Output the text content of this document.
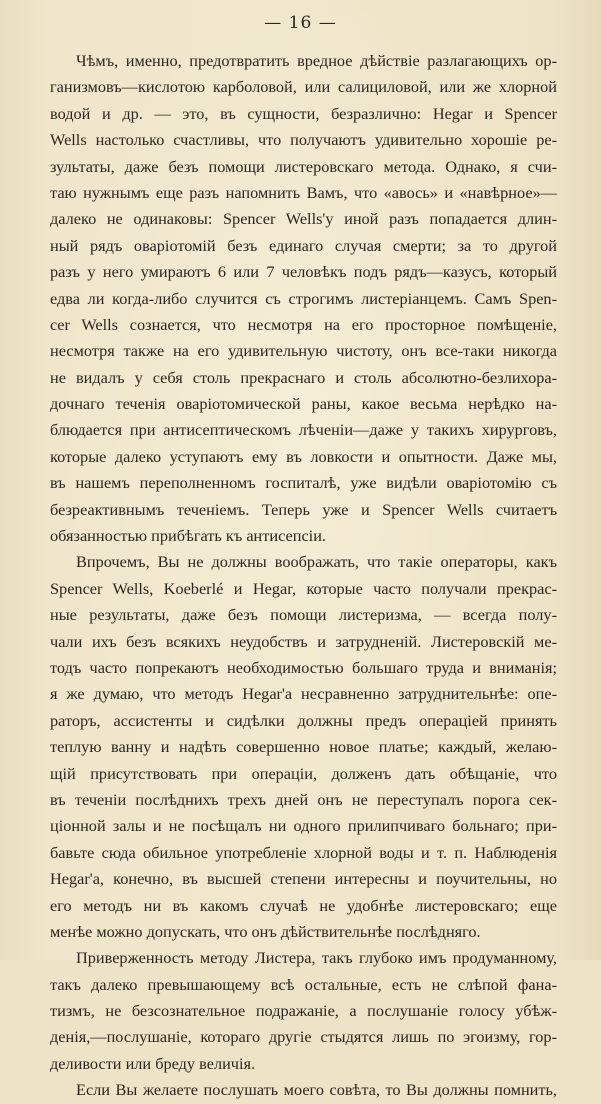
— 16 —
Чѣмъ, именно, предотвратить вредное дѣйствiе разлагающихъ ор-
ганизмовъ—кислотою карболовой, или салициловой, или же хлорной
водой и др. — это, въ сущности, безразлично: Hegar и Spencer
Wells настолько счастливы, что получаютъ удивительно хорошiе ре-
зультаты, даже безъ помощи листеровскаго метода. Однако, я счи-
таю нужнымъ еще разъ напомнить Вамъ, что «авось» и «навѣрное»—
далеко не одинаковы: Spencer Wells'у иной разъ попадается длин-
ный рядъ оварiотомiй безъ единаго случая смерти; за то другой
разъ у него умираютъ 6 или 7 человѣкъ подъ рядъ—казусъ, который
едва ли когда-либо случится съ строгимъ листерiанцемъ. Самъ Spen-
cer Wells сознается, что несмотря на его просторное помѣщенiе,
несмотря также на его удивительную чистоту, онъ все-таки никогда
не видалъ у себя столь прекраснаго и столь абсолютно-безлихора-
дочнаго теченiя оварiотомической раны, какое весьма нерѣдко на-
блюдается при антисептическомъ лѣченiи—даже у такихъ хирурговъ,
которые далеко уступаютъ ему въ ловкости и опытности. Даже мы,
въ нашемъ переполненномъ госпиталѣ, уже видѣли оварiотомiю съ
безреактивнымъ теченiемъ. Теперь уже и Spencer Wells считаетъ
обязанностью прибѣгать къ антисепсiи.
Впрочемъ, Вы не должны воображать, что такiе операторы, какъ
Spencer Wells, Koeberlé и Hegar, которые часто получали прекрас-
ные результаты, даже безъ помощи листеризма, — всегда полу-
чали ихъ безъ всякихъ неудобствъ и затрудненiй. Листеровскiй ме-
тодъ часто попрекаютъ необходимостью большаго труда и вниманiя;
я же думаю, что методъ Hegar'а несравненно затруднительнѣе: опе-
раторъ, ассистенты и сидѣлки должны предъ операцiей принять
теплую ванну и надѣть совершенно новое платье; каждый, желаю-
щiй присутствовать при операцiи, долженъ дать обѣщанiе, что
въ теченiи послѣднихъ трехъ дней онъ не переступалъ порога сек-
цiонной залы и не посѣщалъ ни одного прилипчиваго больнаго; при-
бавьте сюда обильное употребленiе хлорной воды и т. п. Наблюденiя
Hegar'а, конечно, въ высшей степени интересны и поучительны, но
его методъ ни въ какомъ случаѣ не удобнѣе листеровскаго; еще
менѣе можно допускать, что онъ дѣйствительнѣе послѣдняго.
Приверженность методу Листера, такъ глубоко имъ продуманному,
такъ далеко превышающему всѣ остальные, есть не слѣпой фана-
тизмъ, не безсознательное подражанiе, а послушанiе голосу убѣж-
денiя,—послушанiе, котораго другiе стыдятся лишь по эгоизму, гор-
деливости или бреду величiя.
Если Вы желаете послушать моего совѣта, то Вы должны помнить,
